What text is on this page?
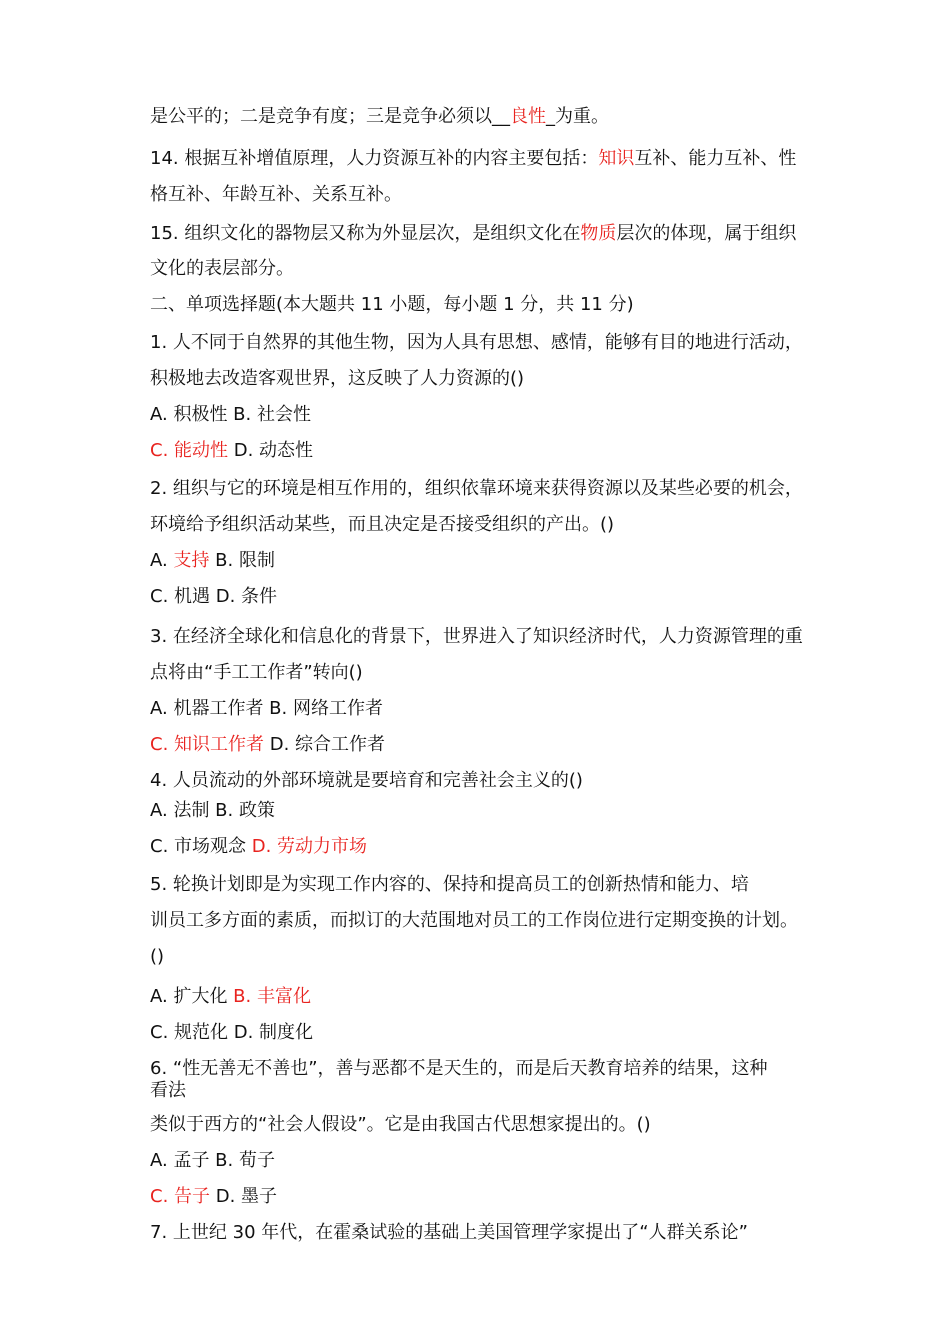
是公平的；二是竞争有度；三是竞争必须以__良性_为重。
14. 根据互补增值原理，人力资源互补的内容主要包括：知识互补、能力互补、性
格互补、年龄互补、关系互补。
15. 组织文化的器物层又称为外显层次，是组织文化在物质层次的体现，属于组织
文化的表层部分。
二、单项选择题(本大题共 11 小题，每小题 1 分，共 11 分)
1. 人不同于自然界的其他生物，因为人具有思想、感情，能够有目的地进行活动，
积极地去改造客观世界，这反映了人力资源的()
A. 积极性 B. 社会性
C. 能动性 D. 动态性
2. 组织与它的环境是相互作用的，组织依靠环境来获得资源以及某些必要的机会，
环境给予组织活动某些，而且决定是否接受组织的产出。()
A. 支持 B. 限制
C. 机遇 D. 条件
3. 在经济全球化和信息化的背景下，世界进入了知识经济时代，人力资源管理的重
点将由“手工工作者”转向()
A. 机器工作者 B. 网络工作者
C. 知识工作者 D. 综合工作者
4. 人员流动的外部环境就是要培育和完善社会主义的()
A. 法制 B. 政策
C. 市场观念 D. 劳动力市场
5. 轮换计划即是为实现工作内容的、保持和提高员工的创新热情和能力、培
训员工多方面的素质，而拟订的大范围地对员工的工作岗位进行定期变换的计划。
()
A. 扩大化 B. 丰富化
C. 规范化 D. 制度化
6. “性无善无不善也”，善与恶都不是天生的，而是后天教育培养的结果，这种
看法
类似于西方的“社会人假设”。它是由我国古代思想家提出的。()
A. 孟子 B. 荀子
C. 告子 D. 墨子
7. 上世纪 30 年代，在霍桑试验的基础上美国管理学家提出了“人群关系论”
